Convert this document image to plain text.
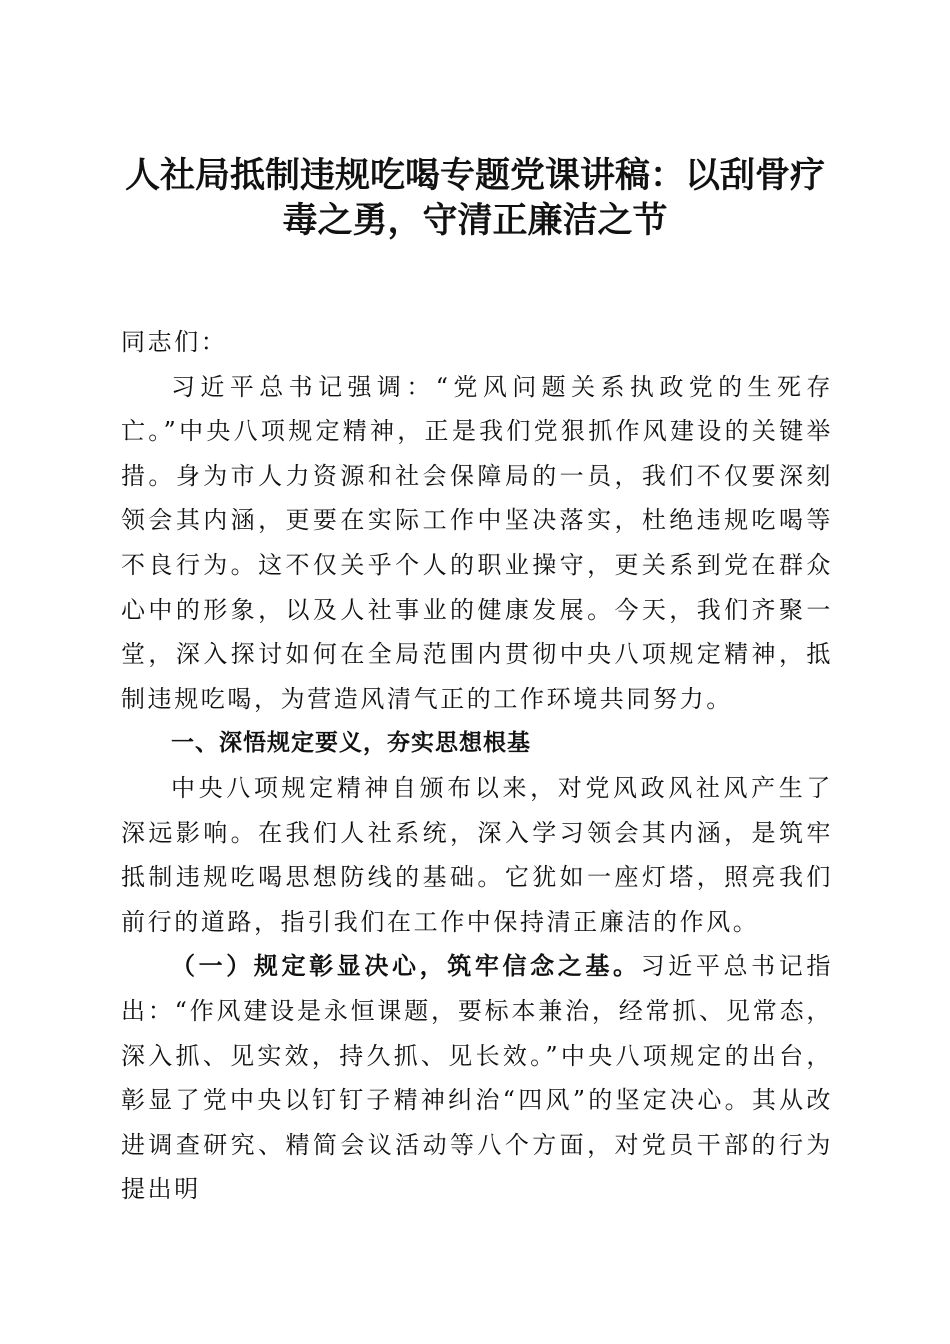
人社局抵制违规吃喝专题党课讲稿：以刮骨疗
毒之勇，守清正廉洁之节

同志们：

习近平总书记强调：“党风问题关系执政党的生死存亡。”中央八项规定精神，正是我们党狠抓作风建设的关键举措。身为市人力资源和社会保障局的一员，我们不仅要深刻领会其内涵，更要在实际工作中坚决落实，杜绝违规吃喝等不良行为。这不仅关乎个人的职业操守，更关系到党在群众心中的形象，以及人社事业的健康发展。今天，我们齐聚一堂，深入探讨如何在全局范围内贯彻中央八项规定精神，抵制违规吃喝，为营造风清气正的工作环境共同努力。

一、深悟规定要义，夯实思想根基

中央八项规定精神自颁布以来，对党风政风社风产生了深远影响。在我们人社系统，深入学习领会其内涵，是筑牢抵制违规吃喝思想防线的基础。它犹如一座灯塔，照亮我们前行的道路，指引我们在工作中保持清正廉洁的作风。

（一）规定彰显决心，筑牢信念之基。习近平总书记指出：“作风建设是永恒课题，要标本兼治，经常抓、见常态，深入抓、见实效，持久抓、见长效。”中央八项规定的出台，彰显了党中央以钉钉子精神纠治“四风”的坚定决心。其从改进调查研究、精简会议活动等八个方面，对党员干部的行为提出明
